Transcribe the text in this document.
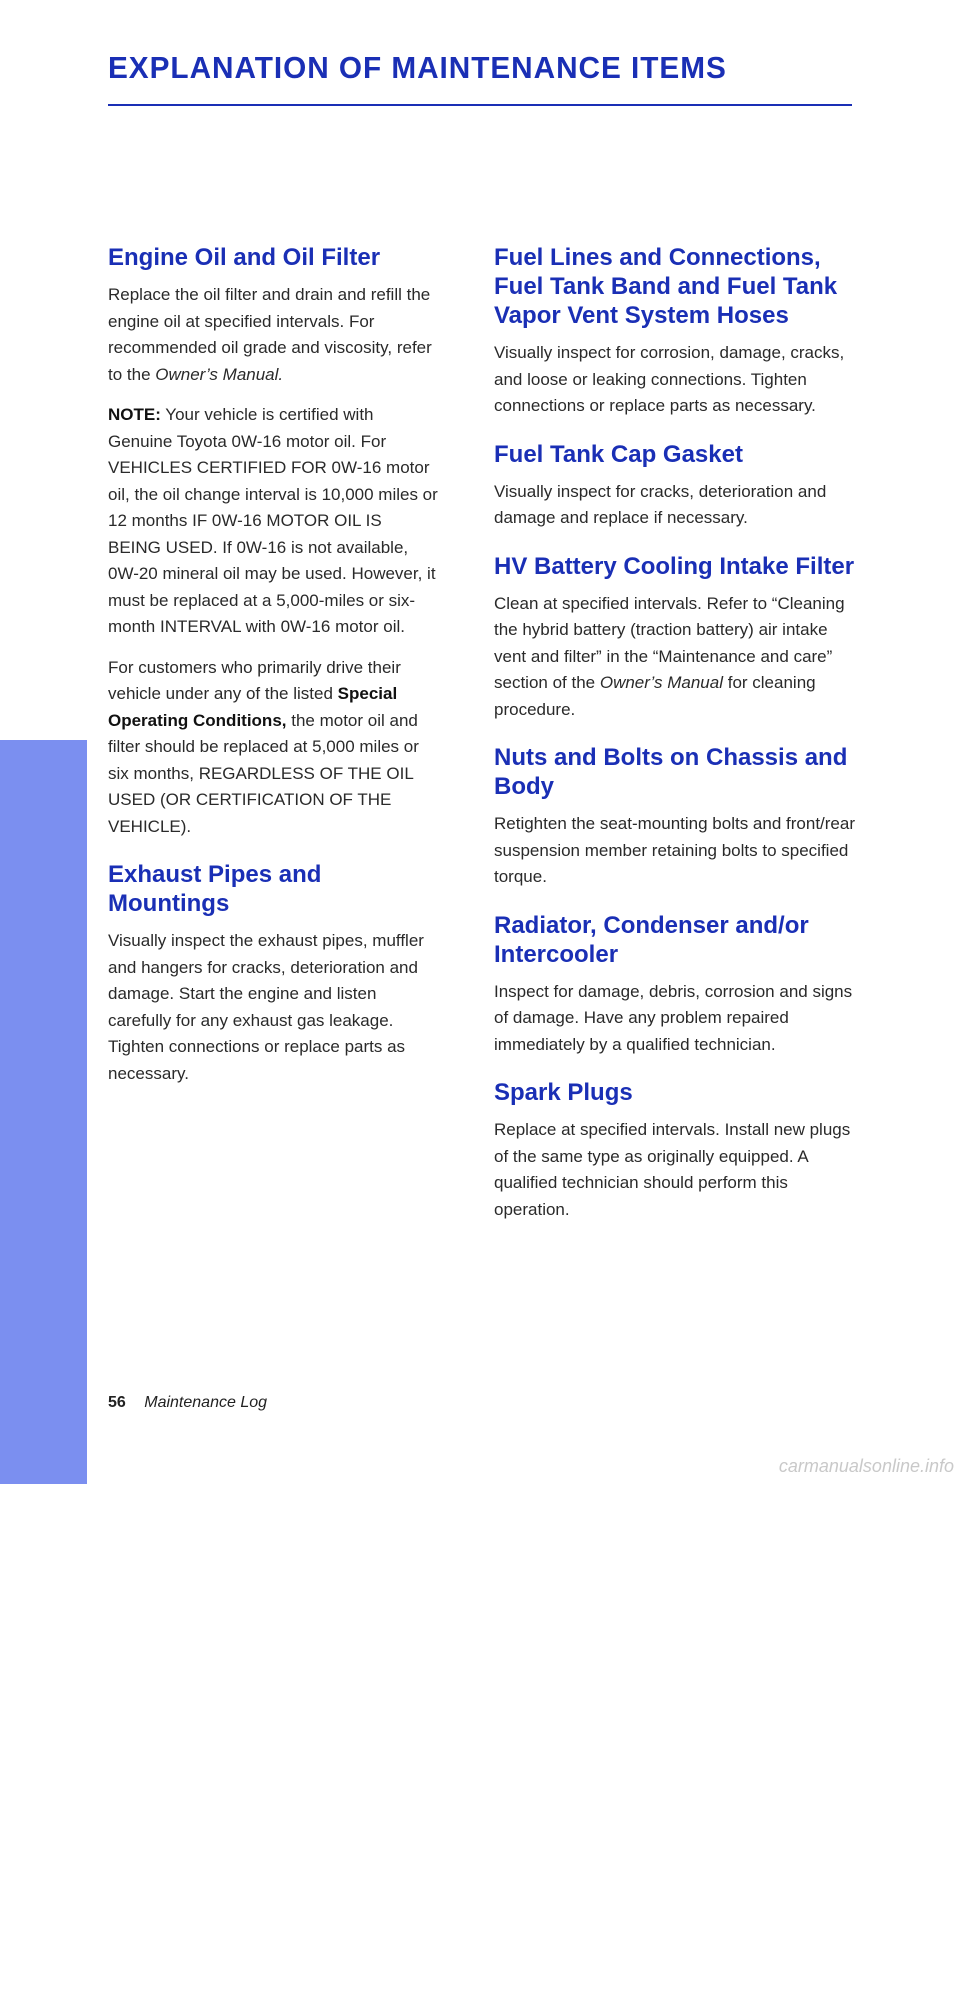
EXPLANATION OF MAINTENANCE ITEMS
MAINTENANCE
Engine Oil and Oil Filter

Replace the oil filter and drain and refill the engine oil at specified intervals. For recommended oil grade and viscosity, refer to the Owner’s Manual.

NOTE: Your vehicle is certified with Genuine Toyota 0W-16 motor oil. For VEHICLES CERTIFIED FOR 0W-16 motor oil, the oil change interval is 10,000 miles or 12 months IF 0W-16 MOTOR OIL IS BEING USED. If 0W-16 is not available, 0W-20 mineral oil may be used. However, it must be replaced at a 5,000-miles or six-month INTERVAL with 0W-16 motor oil.

For customers who primarily drive their vehicle under any of the listed Special Operating Conditions, the motor oil and filter should be replaced at 5,000 miles or six months, REGARDLESS OF THE OIL USED (OR CERTIFICATION OF THE VEHICLE).

Exhaust Pipes and Mountings

Visually inspect the exhaust pipes, muffler and hangers for cracks, deterioration and damage. Start the engine and listen carefully for any exhaust gas leakage. Tighten connections or replace parts as necessary.

Fuel Lines and Connections, Fuel Tank Band and Fuel Tank Vapor Vent System Hoses

Visually inspect for corrosion, damage, cracks, and loose or leaking connections. Tighten connections or replace parts as necessary.

Fuel Tank Cap Gasket

Visually inspect for cracks, deterioration and damage and replace if necessary.

HV Battery Cooling Intake Filter

Clean at specified intervals. Refer to “Cleaning the hybrid battery (traction battery) air intake vent and filter” in the “Maintenance and care” section of the Owner’s Manual for cleaning procedure.

Nuts and Bolts on Chassis and Body

Retighten the seat-mounting bolts and front/rear suspension member retaining bolts to specified torque.

Radiator, Condenser and/or Intercooler

Inspect for damage, debris, corrosion and signs of damage. Have any problem repaired immediately by a qualified technician.

Spark Plugs

Replace at specified intervals. Install new plugs of the same type as originally equipped. A qualified technician should perform this operation.

56 Maintenance Log
carmanualsonline.info
